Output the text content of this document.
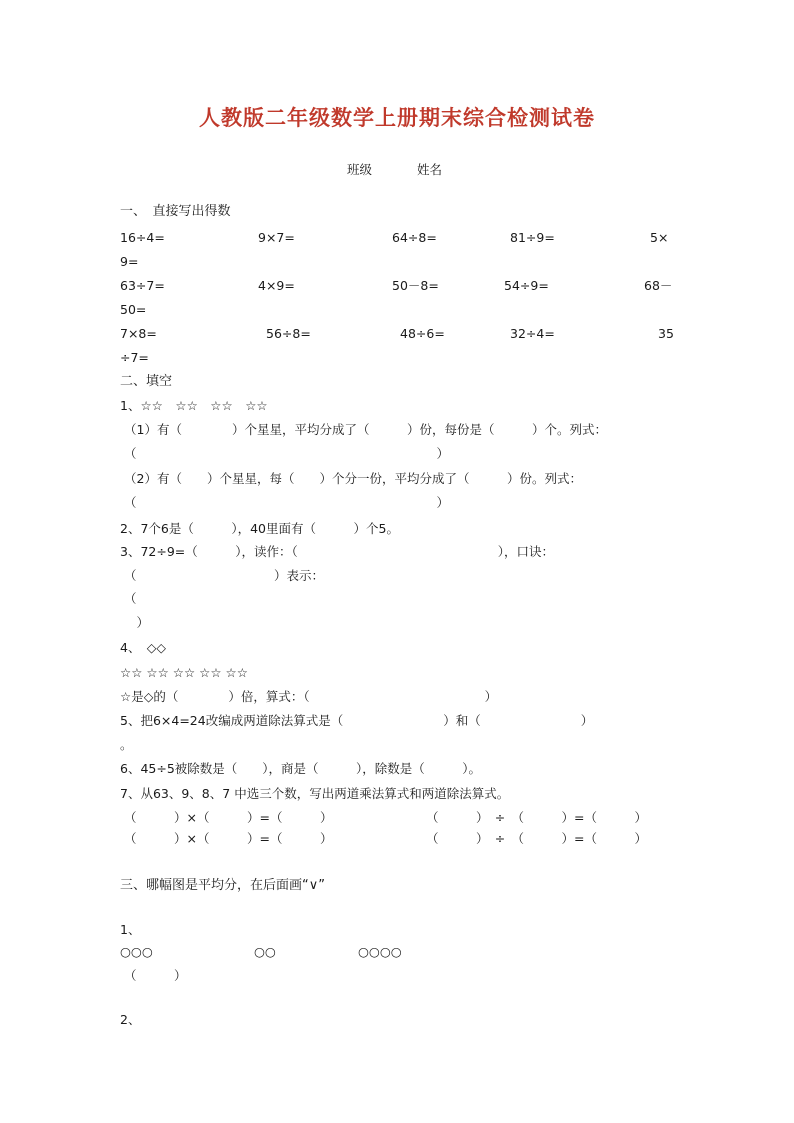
人教版二年级数学上册期末综合检测试卷
班级	姓名
一、　直接写出得数
16÷4=	9×7=	64÷8=	81÷9=	5×
9=
63÷7=	4×9=	50－8=	54÷9=	68－
50=
7×8=	56÷8=	48÷6=	32÷4=	35
÷7=
二、填空
1、☆☆　☆☆　☆☆　☆☆
（1）有（　　　　）个星星，平均分成了（　　　）份，每份是（　　　）个。列式：
（　　　　　　　　　　　　　　　　　　　　　　　　）
（2）有（　　）个星星，每（　　）个分一份，平均分成了（　　　）份。列式：
（　　　　　　　　　　　　　　　　　　　　　　　　）
2、7个6是（　　　），40里面有（　　　）个5。
3、72÷9=（　　　），读作：（　　　　　　　　　　　　　　　　），口诀：
（　　　　　　　　　　　）表示：
（
　）
4、　◇◇
☆☆ ☆☆ ☆☆ ☆☆ ☆☆
☆是◇的（　　　　）倍，算式：（　　　　　　　　　　　　　　）
5、把6×4=24改编成两道除法算式是（　　　　　　　　）和（　　　　　　　　）
。
6、45÷5被除数是（　　），商是（　　　），除数是（　　　）。
7、从63、9、8、7 中选三个数，写出两道乘法算式和两道除法算式。
（　　　）×（　　　）=（　　　）	（　　　）　÷　（　　　）=（　　　）
（　　　）×（　　　）=（　　　）	（　　　）　÷　（　　　）=（　　　）
三、哪幅图是平均分，在后面画“∨”
1、
○○○	○○	○○○○
（　　　）
2、
